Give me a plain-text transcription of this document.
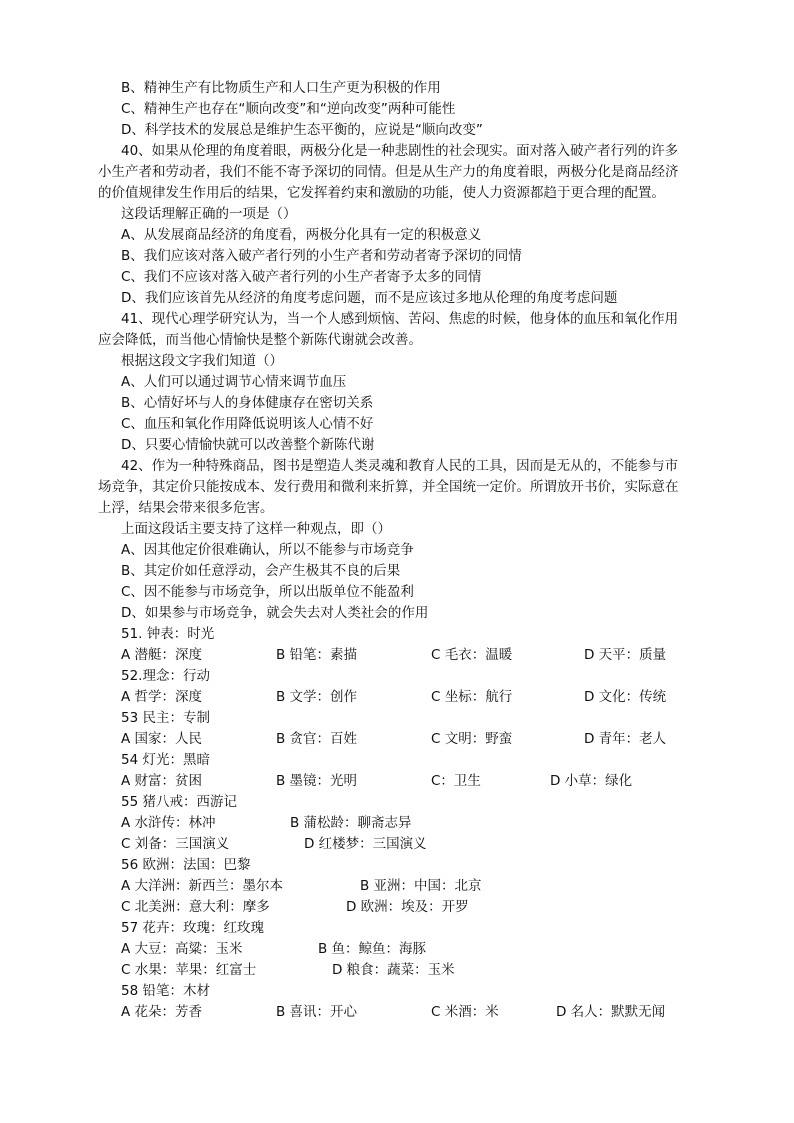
B、精神生产有比物质生产和人口生产更为积极的作用
C、精神生产也存在“顺向改变”和“逆向改变”两种可能性
D、科学技术的发展总是维护生态平衡的，应说是“顺向改变”
40、如果从伦理的角度着眼，两极分化是一种悲剧性的社会现实。面对落入破产者行列的许多
小生产者和劳动者，我们不能不寄予深切的同情。但是从生产力的角度着眼，两极分化是商品经济
的价值规律发生作用后的结果，它发挥着约束和激励的功能，使人力资源都趋于更合理的配置。
这段话理解正确的一项是（）
A、从发展商品经济的角度看，两极分化具有一定的积极意义
B、我们应该对落入破产者行列的小生产者和劳动者寄予深切的同情
C、我们不应该对落入破产者行列的小生产者寄予太多的同情
D、我们应该首先从经济的角度考虑问题，而不是应该过多地从伦理的角度考虑问题
41、现代心理学研究认为，当一个人感到烦恼、苦闷、焦虑的时候，他身体的血压和氧化作用
应会降低，而当他心情愉快是整个新陈代谢就会改善。
根据这段文字我们知道（）
A、人们可以通过调节心情来调节血压
B、心情好坏与人的身体健康存在密切关系
C、血压和氧化作用降低说明该人心情不好
D、只要心情愉快就可以改善整个新陈代谢
42、作为一种特殊商品，图书是塑造人类灵魂和教育人民的工具，因而是无从的，不能参与市
场竞争，其定价只能按成本、发行费用和微利来折算，并全国统一定价。所谓放开书价，实际意在
上浮，结果会带来很多危害。
上面这段话主要支持了这样一种观点，即（）
A、因其他定价很难确认，所以不能参与市场竞争
B、其定价如任意浮动，会产生极其不良的后果
C、因不能参与市场竞争，所以出版单位不能盈利
D、如果参与市场竞争，就会失去对人类社会的作用
51. 钟表：时光
A 潜艇：深度	B 铅笔：素描	C 毛衣：温暖	D 天平：质量
52.理念：行动
A 哲学：深度	B 文学：创作	C 坐标：航行	D 文化：传统
53 民主：专制
A 国家：人民	B 贪官：百姓	C 文明：野蛮	D 青年：老人
54 灯光：黑暗
A 财富：贫困	B 墨镜：光明	C：卫生	D 小草：绿化
55 猪八戒：西游记
A 水浒传：林冲	B 蒲松龄：聊斋志异
C 刘备：三国演义	D 红楼梦：三国演义
56 欧洲：法国：巴黎
A 大洋洲：新西兰：墨尔本	B 亚洲：中国：北京
C 北美洲：意大利：摩多	D 欧洲：埃及：开罗
57 花卉：玫瑰：红玫瑰
A 大豆：高粱：玉米	B 鱼：鲸鱼：海豚
C 水果：苹果：红富士	D 粮食：蔬菜：玉米
58 铅笔：木材
A 花朵：芳香	B 喜讯：开心	C 米酒：米	D 名人：默默无闻
